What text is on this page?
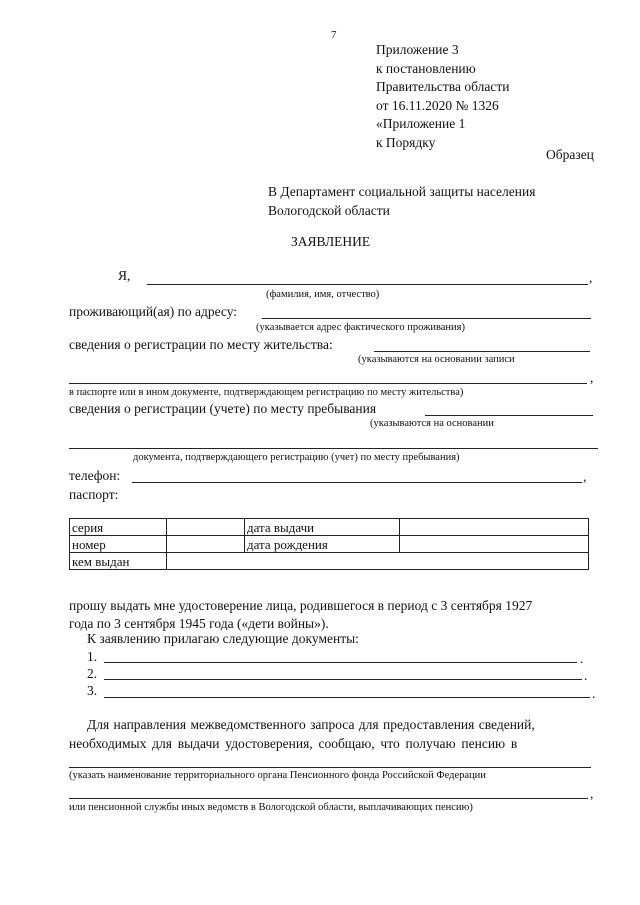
7
Приложение 3
к постановлению
Правительства области
от 16.11.2020 № 1326
«Приложение 1
к Порядку
Образец
В Департамент социальной защиты населения
Вологодской области
ЗАЯВЛЕНИЕ
Я,	,
(фамилия, имя, отчество)
проживающий(ая) по адресу:
(указывается адрес фактического проживания)
сведения о регистрации по месту жительства:
(указываются на основании записи
,
в паспорте или в ином документе, подтверждающем регистрацию по месту жительства)
сведения о регистрации (учете) по месту пребывания
(указываются на основании
документа, подтверждающего регистрацию (учет) по месту пребывания)
телефон:	,
паспорт:
серия		дата выдачи	
номер		дата рождения	
кем выдан			
прошу выдать мне удостоверение лица, родившегося в период с 3 сентября 1927
года по 3 сентября 1945 года («дети войны»).
К заявлению прилагаю следующие документы:
1.	.
2.	.
3.	.
Для направления межведомственного запроса для предоставления сведений,
необходимых для выдачи удостоверения, сообщаю, что получаю пенсию в
(указать наименование территориального органа Пенсионного фонда Российской Федерации
,
или пенсионной службы иных ведомств в Вологодской области, выплачивающих пенсию)
